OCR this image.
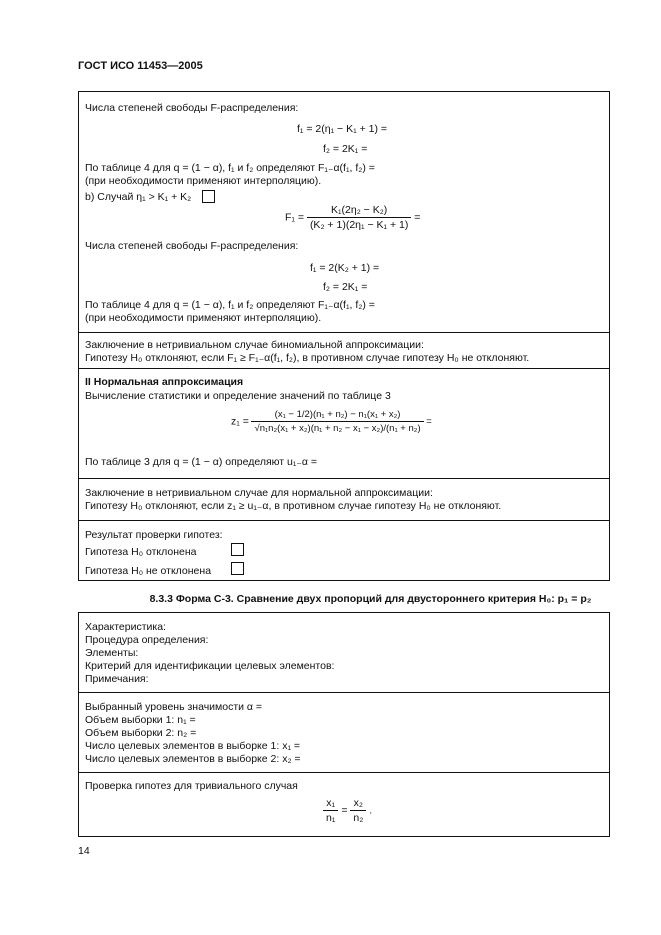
ГОСТ ИСО 11453—2005
Числа степеней свободы F-распределения:
f₁ = 2(η₁ − K₁ + 1) =
f₂ = 2K₁ =
По таблице 4 для q = (1 − α), f₁ и f₂ определяют F₁₋α(f₁, f₂) =
(при необходимости применяют интерполяцию).
b) Случай η₁ > K₁ + K₂
$F_1 = \frac{\text{K₁(2η₂ − K₂)}}{\text{(K₂ + 1)(2η₁ − K₁ + 1)}}$ =
Числа степеней свободы F-распределения:
f₁ = 2(K₂ + 1) =
f₂ = 2K₁ =
По таблице 4 для q = (1 − α), f₁ и f₂ определяют F₁₋α(f₁, f₂) =
(при необходимости применяют интерполяцию).
Заключение в нетривиальном случае биномиальной аппроксимации:
Гипотезу H₀ отклоняют, если F₁ ≥ F₁₋α(f₁, f₂), в противном случае гипотезу H₀ не отклоняют.
II Нормальная аппроксимация
Вычисление статистики и определение значений по таблице 3
$z_1 = \frac{\text{(x₁ − 1/2)(n₁ + n₂) − n₁(x₁ + x₂)}}{\text{√n₁n₂(x₁ + x₂)(n₁ + n₂ − x₁ − x₂)/(n₁ + n₂)}}$ =
По таблице 3 для q = (1 − α) определяют u₁₋α =
Заключение в нетривиальном случае для нормальной аппроксимации:
Гипотезу H₀ отклоняют, если z₁ ≥ u₁₋α, в противном случае гипотезу H₀ не отклоняют.
Результат проверки гипотез:
Гипотеза H₀ отклонена
Гипотеза H₀ не отклонена
8.3.3 Форма С-3. Сравнение двух пропорций для двустороннего критерия H₀: p₁ = p₂
Характеристика:
Процедура определения:
Элементы:
Критерий для идентификации целевых элементов:
Примечания:
Выбранный уровень значимости α =
Объем выборки 1: n₁ =
Объем выборки 2: n₂ =
Число целевых элементов в выборке 1: x₁ =
Число целевых элементов в выборке 2: x₂ =
Проверка гипотез для тривиального случая
$\frac{\text{x₁}}{\text{n₁}} = \frac{\text{x₂}}{\text{n₂}}$ .
14
